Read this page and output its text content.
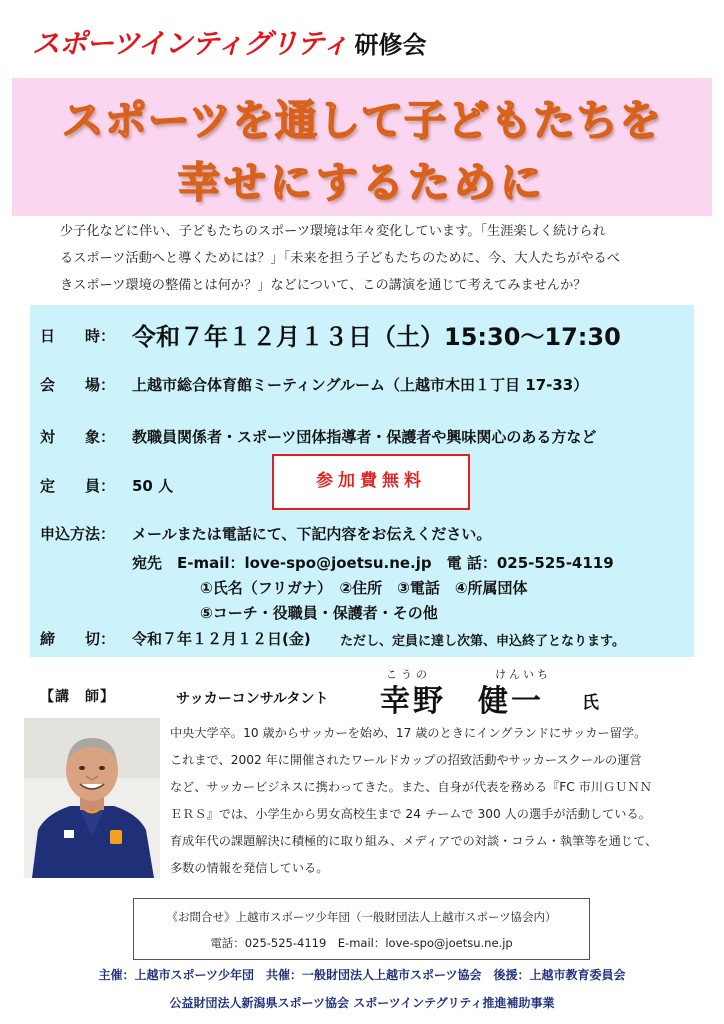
スポーツインティグリティ 研修会
スポーツを通して子どもたちを
幸せにするために
少子化などに伴い、子どもたちのスポーツ環境は年々変化しています。「生涯楽しく続けられ
るスポーツ活動へと導くためには？」「未来を担う子どもたちのために、今、大人たちがやるべ
きスポーツ環境の整備とは何か？」などについて、この講演を通じて考えてみませんか？
日　　時： 令和７年１２月１３日（土）15:30～17:30
会　　場：	上越市総合体育館ミーティングルーム（上越市木田１丁目 17-33）
対　　象：	教職員関係者・スポーツ団体指導者・保護者や興味関心のある方など
定　　員：	50 人	参加費無料
申込方法：	メールまたは電話にて、下記内容をお伝えください。
宛先　E-mail：love-spo@joetsu.ne.jp　電 話：025-525-4119
①氏名（フリガナ）　②住所　③電話　④所属団体
⑤コーチ・役職員・保護者・その他
締　　切：	令和７年１２月１２日(金) ただし、定員に達し次第、申込終了となります。
【講　師】	サッカーコンサルタント
こうの	けんいち
幸野 健一 氏
中央大学卒。10 歳からサッカーを始め、17 歳のときにイングランドにサッカー留学。
これまで、2002 年に開催されたワールドカップの招致活動やサッカースクールの運営
など、サッカービジネスに携わってきた。また、自身が代表を務める『FC 市川ＧＵＮＮ
ＥＲＳ』では、小学生から男女高校生まで 24 チームで 300 人の選手が活動している。
育成年代の課題解決に積極的に取り組み、メディアでの対談・コラム・執筆等を通じて、
多数の情報を発信している。
《お問合せ》上越市スポーツ少年団（一般財団法人上越市スポーツ協会内）
電話：025-525-4119　E-mail：love-spo@joetsu.ne.jp
主催：上越市スポーツ少年団　共催：一般財団法人上越市スポーツ協会　後援：上越市教育委員会
公益財団法人新潟県スポーツ協会 スポーツインテグリティ推進補助事業
